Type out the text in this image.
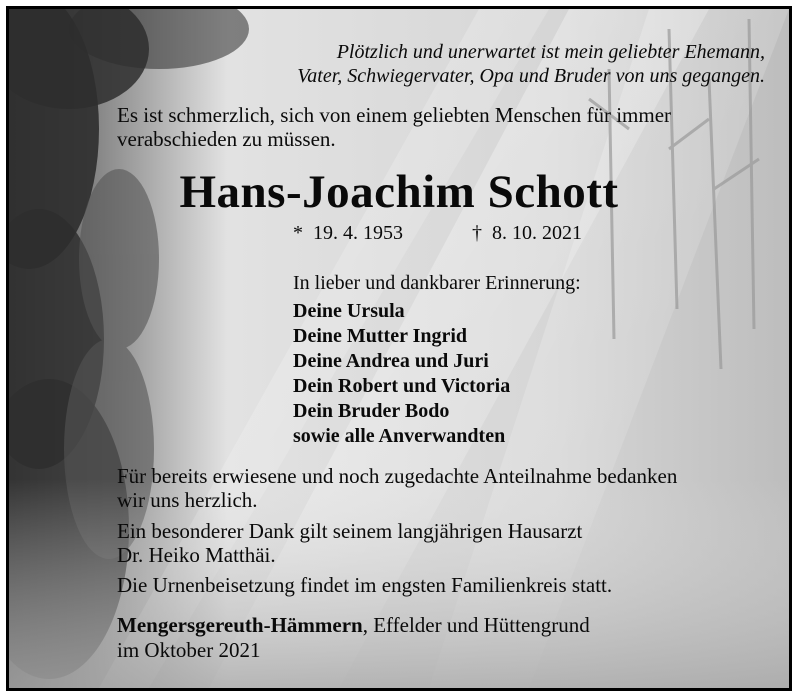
Plötzlich und unerwartet ist mein geliebter Ehemann,
Vater, Schwiegervater, Opa und Bruder von uns gegangen.
Es ist schmerzlich, sich von einem geliebten Menschen für immer
verabschieden zu müssen.
Hans-Joachim Schott
* 19. 4. 1953	† 8. 10. 2021
In lieber und dankbarer Erinnerung:
Deine Ursula
Deine Mutter Ingrid
Deine Andrea und Juri
Dein Robert und Victoria
Dein Bruder Bodo
sowie alle Anverwandten
Für bereits erwiesene und noch zugedachte Anteilnahme bedanken
wir uns herzlich.
Ein besonderer Dank gilt seinem langjährigen Hausarzt
Dr. Heiko Matthäi.
Die Urnenbeisetzung findet im engsten Familienkreis statt.
Mengersgereuth-Hämmern, Effelder und Hüttengrund
im Oktober 2021
